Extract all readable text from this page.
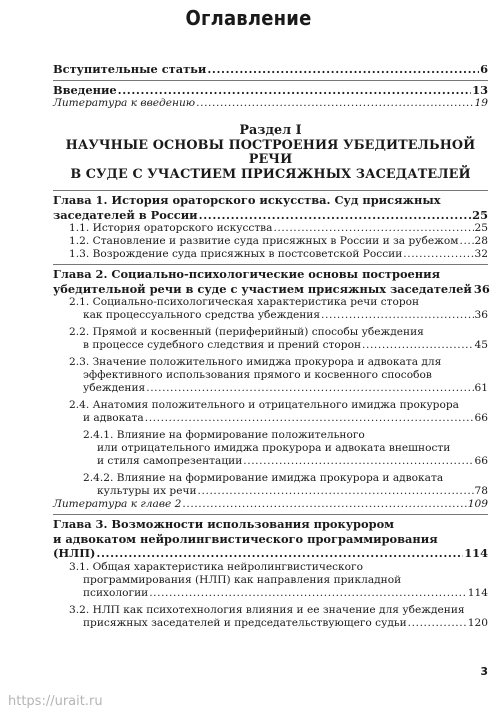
Оглавление
Вступительные статьи .....	6
Введение .....	13
Литература к введению .....	19
Раздел I
НАУЧНЫЕ ОСНОВЫ ПОСТРОЕНИЯ УБЕДИТЕЛЬНОЙ РЕЧИ
В СУДЕ С УЧАСТИЕМ ПРИСЯЖНЫХ ЗАСЕДАТЕЛЕЙ
Глава 1. История ораторского искусства. Суд присяжных
заседателей в России .....	25
1.1. История ораторского искусства .....	25
1.2. Становление и развитие суда присяжных в России и за рубежом ..... 28
1.3. Возрождение суда присяжных в постсоветской России .....	32
Глава 2. Социально-психологические основы построения
убедительной речи в суде с участием присяжных заседателей 36
2.1. Социально-психологическая характеристика речи сторон
как процессуального средства убеждения .....	36
2.2. Прямой и косвенный (периферийный) способы убеждения
в процессе судебного следствия и прений сторон .....	45
2.3. Значение положительного имиджа прокурора и адвоката для
эффективного использования прямого и косвенного способов
убеждения .....	61
2.4. Анатомия положительного и отрицательного имиджа прокурора
и адвоката .....	66
2.4.1. Влияние на формирование положительного
или отрицательного имиджа прокурора и адвоката внешности
и стиля самопрезентации .....	66
2.4.2. Влияние на формирование имиджа прокурора и адвоката
культуры их речи .....	78
Литература к главе 2 .....	109
Глава 3. Возможности использования прокурором
и адвокатом нейролингвистического программирования
(НЛП) .....	114
3.1. Общая характеристика нейролингвистического
программирования (НЛП) как направления прикладной
психологии .....	114
3.2. НЛП как психотехнология влияния и ее значение для убеждения
присяжных заседателей и председательствующего судьи .....	120
3
https://urait.ru
